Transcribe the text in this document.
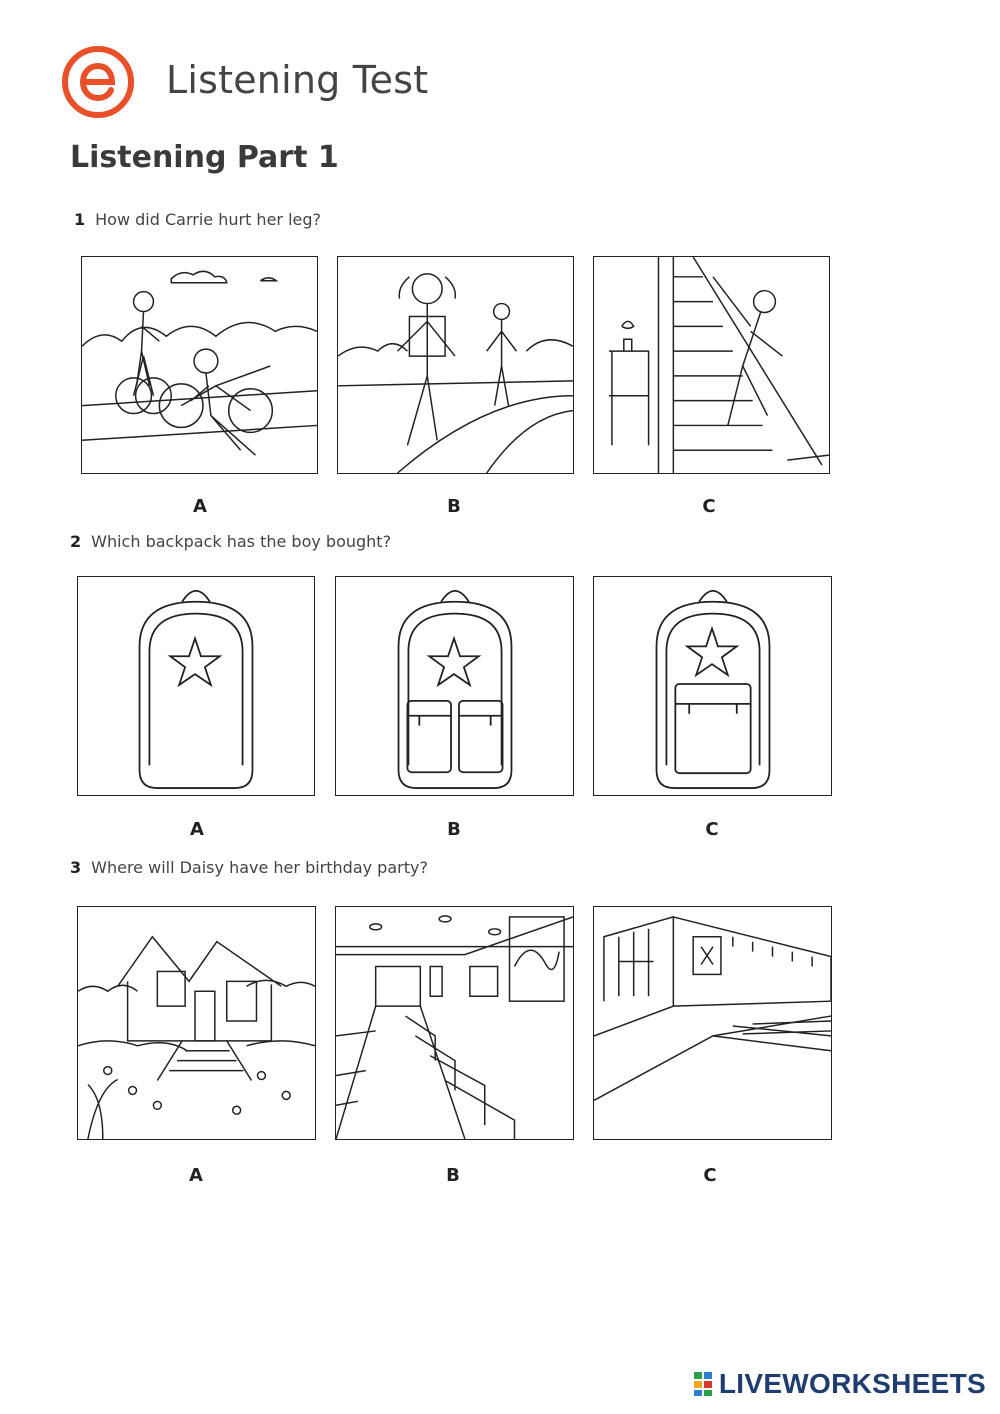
Listening Test
Listening Part 1
1 How did Carrie hurt her leg?
A	B	C
2 Which backpack has the boy bought?
A	B	C
3 Where will Daisy have her birthday party?
A	B	C
LIVEWORKSHEETS
